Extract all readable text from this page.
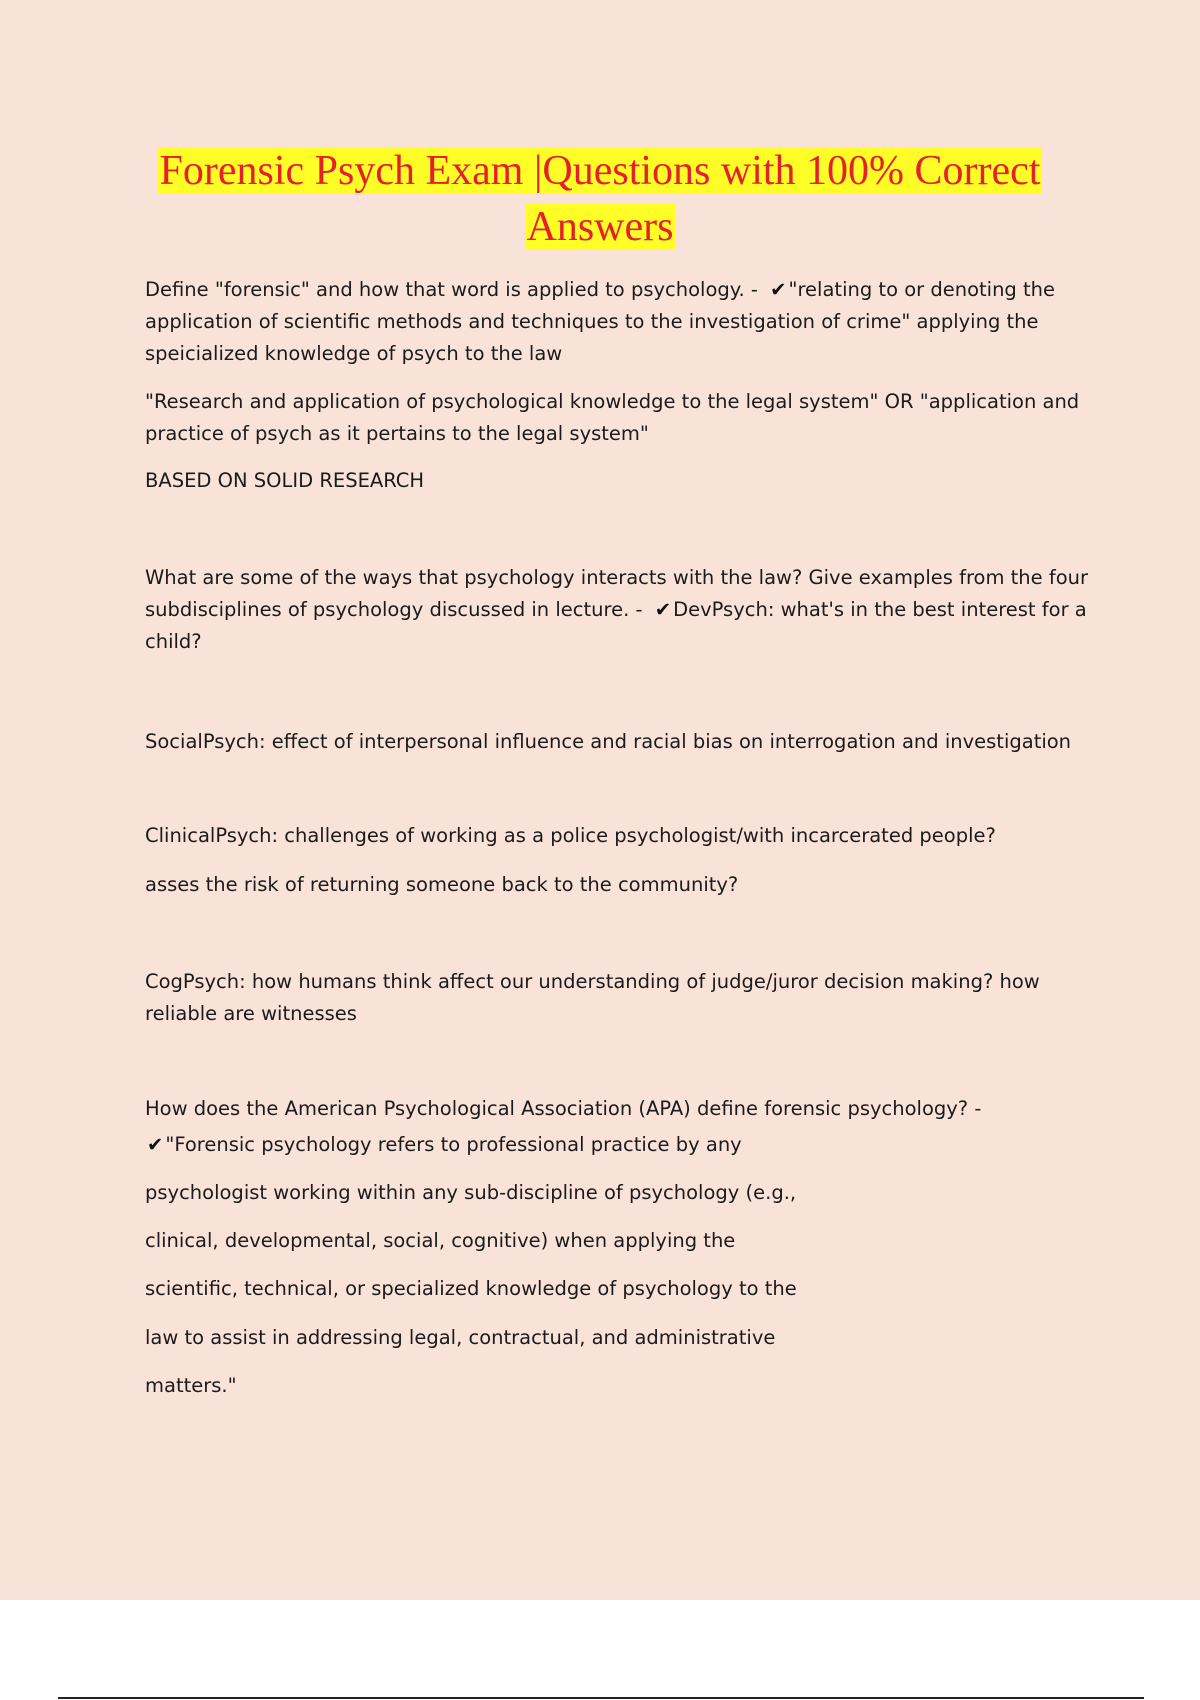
Forensic Psych Exam |Questions with 100% Correct
Answers

Define "forensic" and how that word is applied to psychology. - ✔ "relating to or denoting the application of scientific methods and techniques to the investigation of crime" applying the speicialized knowledge of psych to the law

"Research and application of psychological knowledge to the legal system" OR "application and practice of psych as it pertains to the legal system"

BASED ON SOLID RESEARCH

What are some of the ways that psychology interacts with the law? Give examples from the four subdisciplines of psychology discussed in lecture. - ✔ DevPsych: what's in the best interest for a child?

SocialPsych: effect of interpersonal influence and racial bias on interrogation and investigation

ClinicalPsych: challenges of working as a police psychologist/with incarcerated people?

asses the risk of returning someone back to the community?

CogPsych: how humans think affect our understanding of judge/juror decision making? how reliable are witnesses

How does the American Psychological Association (APA) define forensic psychology? -

✔ "Forensic psychology refers to professional practice by any

psychologist working within any sub-discipline of psychology (e.g.,

clinical, developmental, social, cognitive) when applying the

scientific, technical, or specialized knowledge of psychology to the

law to assist in addressing legal, contractual, and administrative

matters."
